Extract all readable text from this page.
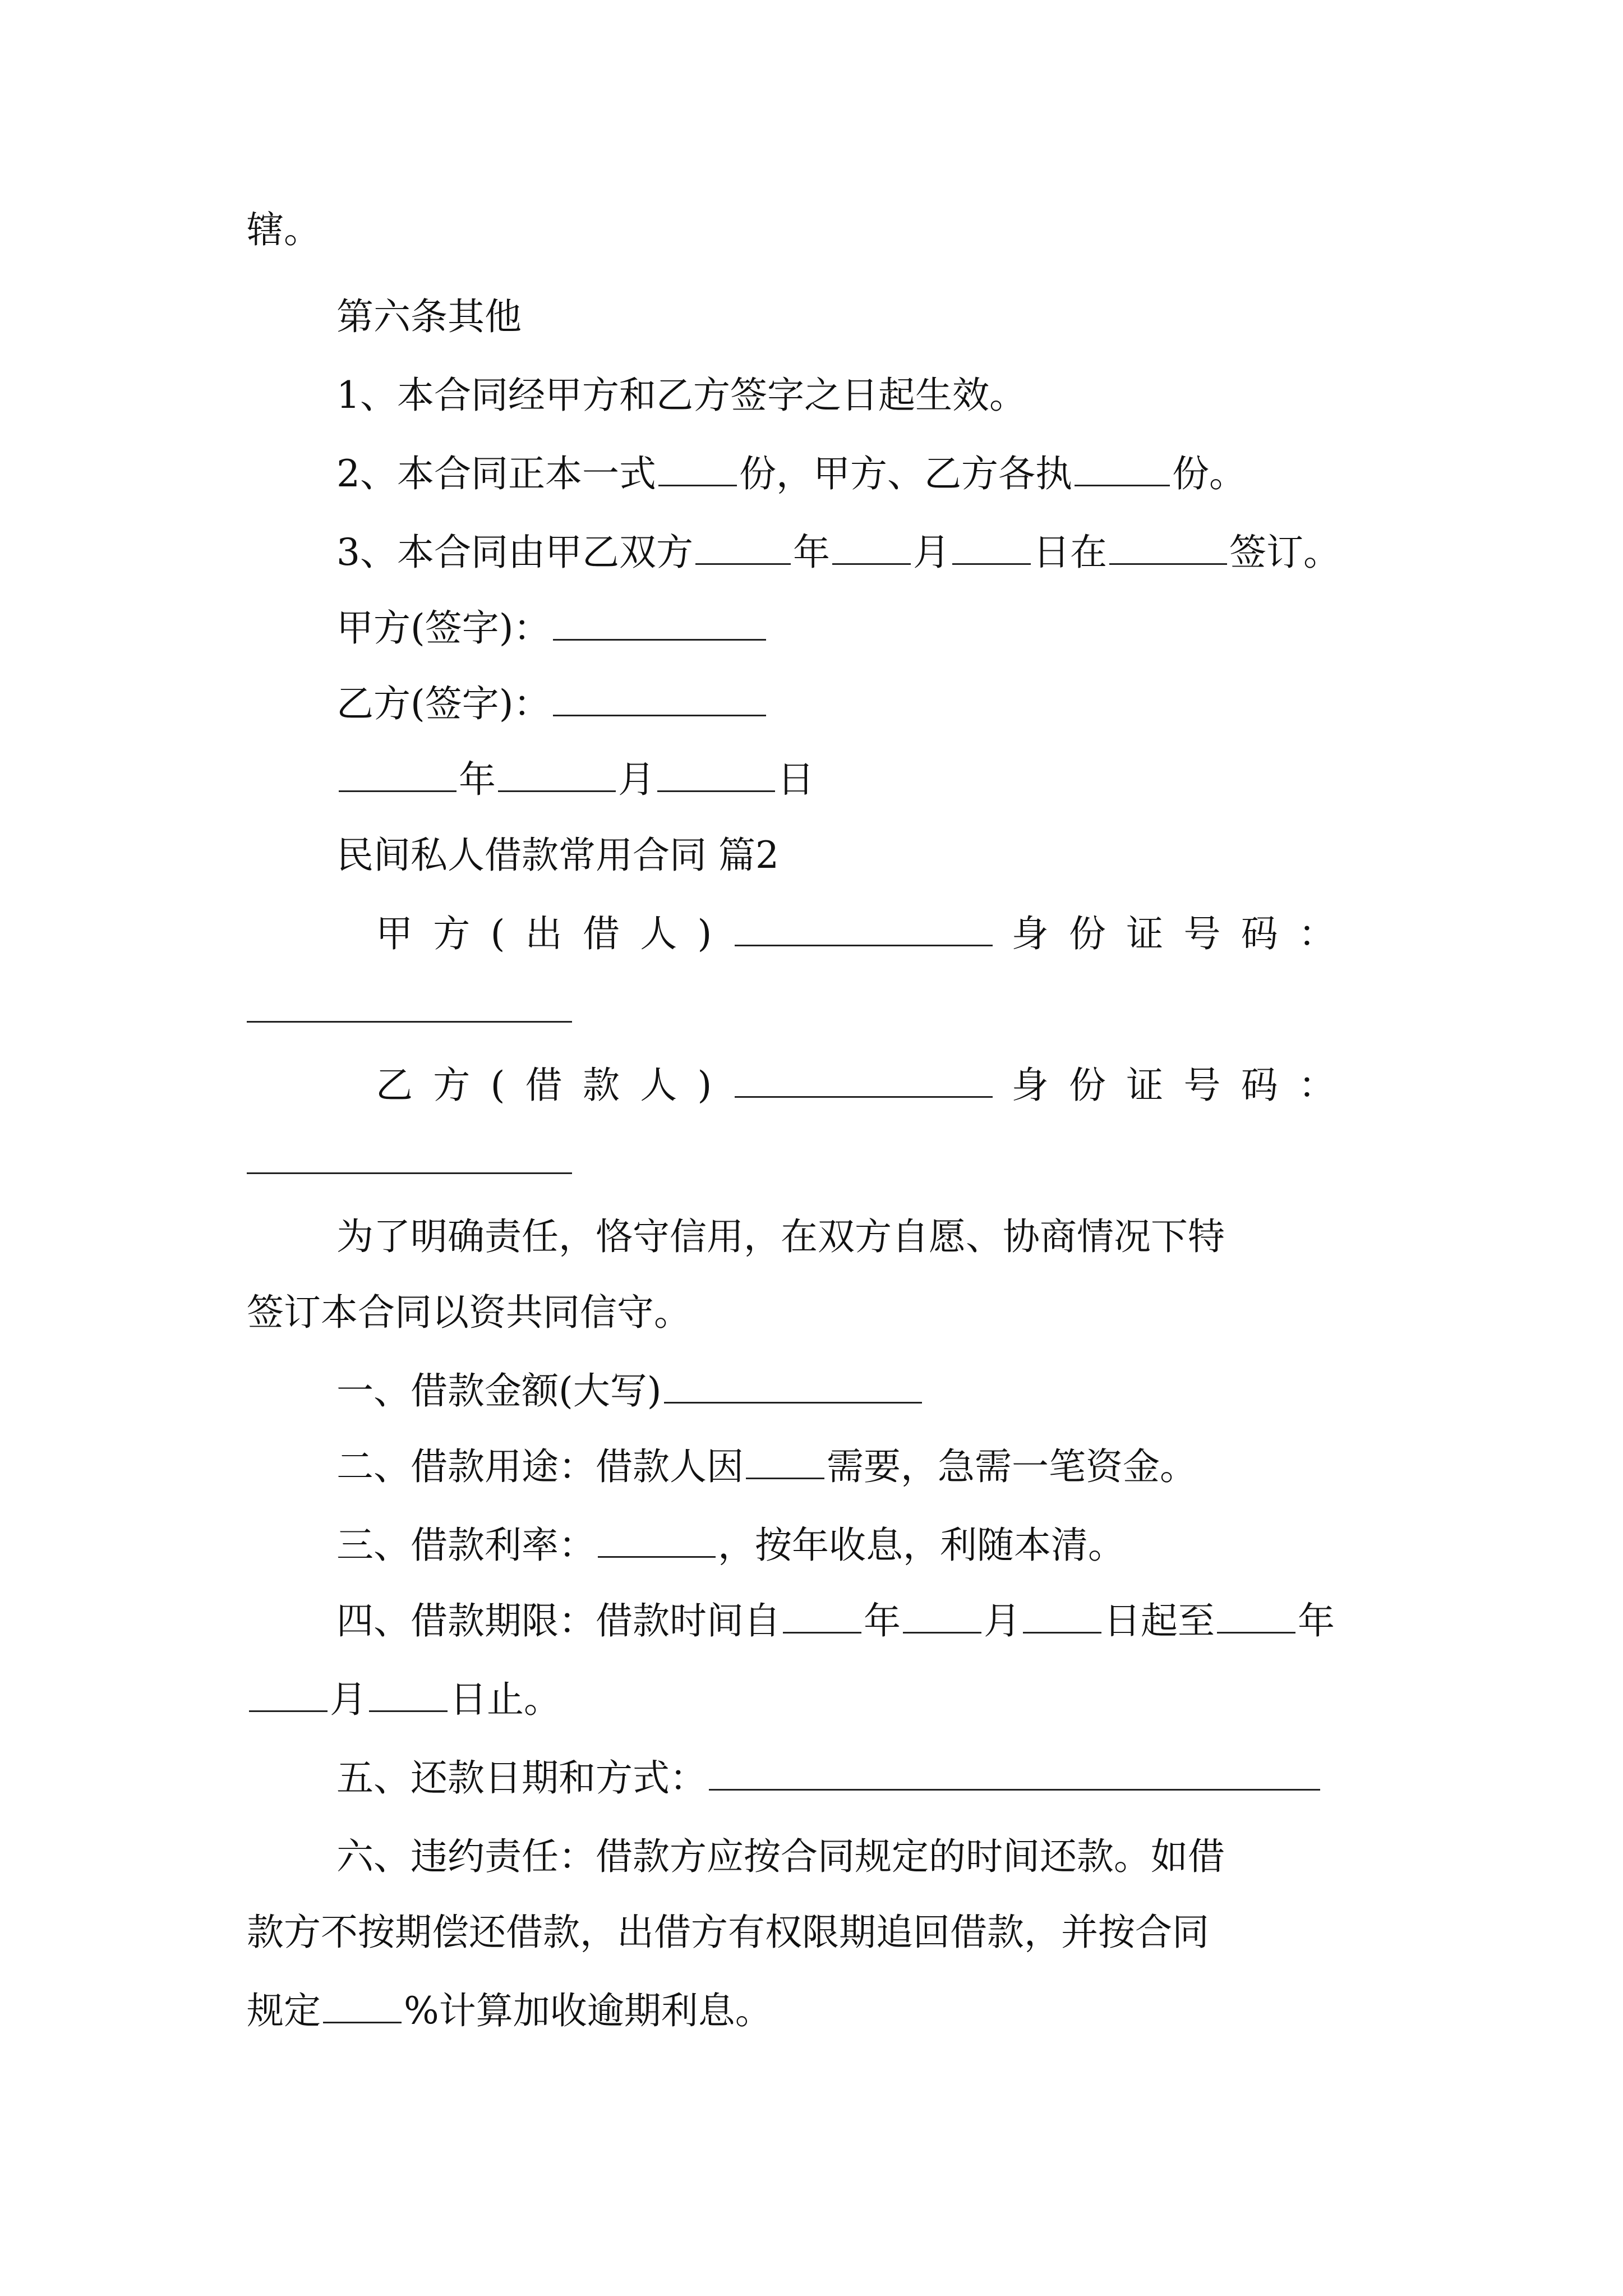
辖。

第六条其他

1、本合同经甲方和乙方签字之日起生效。

2、本合同正本一式 份，甲方、乙方各执	份。

3、本合同由甲乙双方	年 月 日在	签订。

甲方(签字)：

乙方(签字)：

年	月	日

民间私人借款常用合同 篇2

甲方(出借人)	身份证号码：

乙方(借款人)	身份证号码：

为了明确责任，恪守信用，在双方自愿、协商情况下特

签订本合同以资共同信守。

一、借款金额(大写)

二、借款用途：借款人因 需要，急需一笔资金。

三、借款利率：	，按年收息，利随本清。

四、借款期限：借款时间自 年 月 日起至 年

月 日止。

五、还款日期和方式：

六、违约责任：借款方应按合同规定的时间还款。如借

款方不按期偿还借款，出借方有权限期追回借款，并按合同

规定 %计算加收逾期利息。
